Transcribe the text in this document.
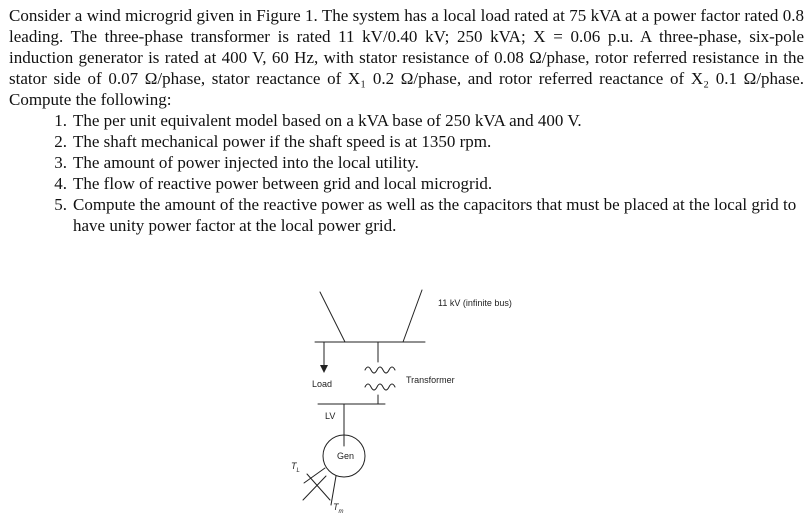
Consider a wind microgrid given in Figure 1. The system has a local load rated at 75 kVA at a power factor rated 0.8 leading. The three-phase transformer is rated 11 kV/0.40 kV; 250 kVA; X = 0.06 p.u. A three-phase, six-pole induction generator is rated at 400 V, 60 Hz, with stator resistance of 0.08 Ω/phase, rotor referred resistance in the stator side of 0.07 Ω/phase, stator reactance of X₁ 0.2 Ω/phase, and rotor referred reactance of X₂ 0.1 Ω/phase. Compute the following:

1. The per unit equivalent model based on a kVA base of 250 kVA and 400 V.
2. The shaft mechanical power if the shaft speed is at 1350 rpm.
3. The amount of power injected into the local utility.
4. The flow of reactive power between grid and local microgrid.
5. Compute the amount of the reactive power as well as the capacitors that must be placed at the local grid to have unity power factor at the local power grid.
11 kV (infinite bus)
Transformer
Load
LV
Gen
$T_L$
$T_m$
